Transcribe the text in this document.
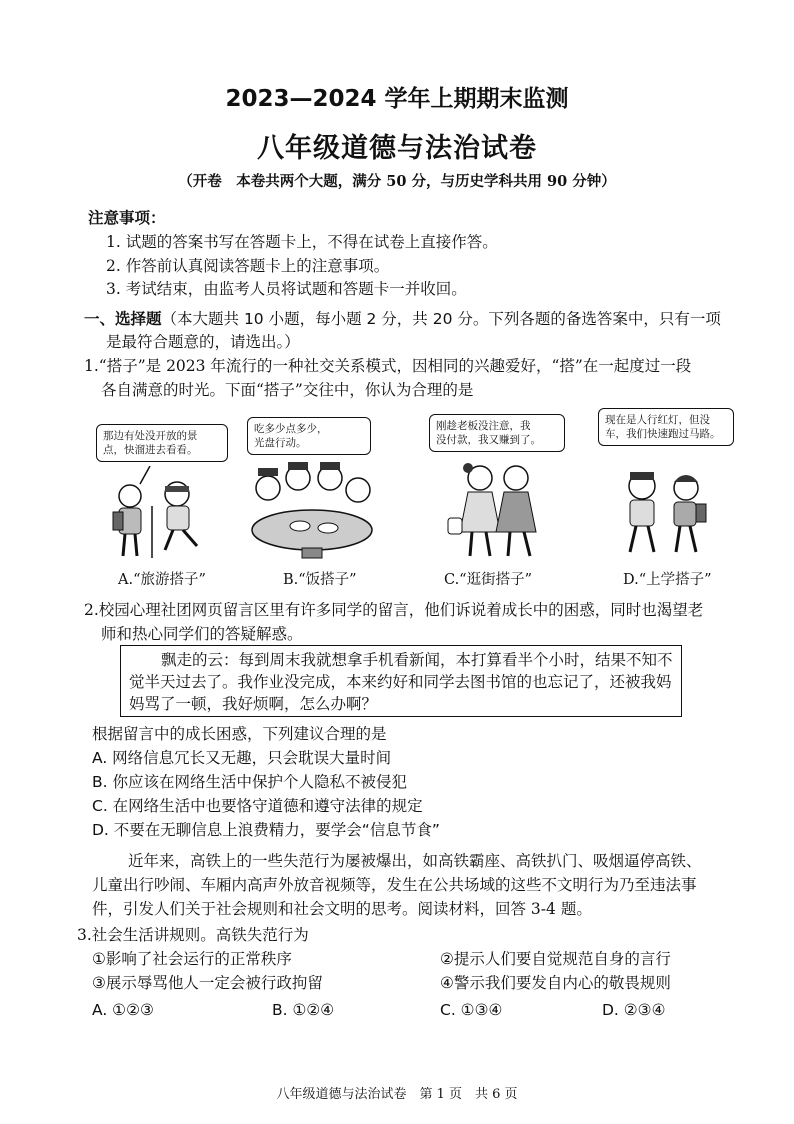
2023—2024 学年上期期末监测
八年级道德与法治试卷
（开卷　本卷共两个大题，满分 50 分，与历史学科共用 90 分钟）
注意事项：
1. 试题的答案书写在答题卡上，不得在试卷上直接作答。
2. 作答前认真阅读答题卡上的注意事项。
3. 考试结束，由监考人员将试题和答题卡一并收回。
一、选择题（本大题共 10 小题，每小题 2 分，共 20 分。下列各题的备选答案中，只有一项
是最符合题意的，请选出。）
1.“搭子”是 2023 年流行的一种社交关系模式，因相同的兴趣爱好，“搭”在一起度过一段
各自满意的时光。下面“搭子”交往中，你认为合理的是
那边有处没开放的景
点，快溜进去看看。
A.“旅游搭子”
吃多少点多少，
光盘行动。
B.“饭搭子”
刚趁老板没注意，我
没付款，我又赚到了。
C.“逛街搭子”
现在是人行红灯，但没
车，我们快速跑过马路。
D.“上学搭子”
2.校园心理社团网页留言区里有许多同学的留言，他们诉说着成长中的困惑，同时也渴望老
师和热心同学们的答疑解惑。
飘走的云：每到周末我就想拿手机看新闻，本打算看半个小时，结果不知不
觉半天过去了。我作业没完成，本来约好和同学去图书馆的也忘记了，还被我妈
妈骂了一顿，我好烦啊，怎么办啊？
根据留言中的成长困惑，下列建议合理的是
A. 网络信息冗长又无趣，只会耽误大量时间
B. 你应该在网络生活中保护个人隐私不被侵犯
C. 在网络生活中也要恪守道德和遵守法律的规定
D. 不要在无聊信息上浪费精力，要学会“信息节食”
近年来，高铁上的一些失范行为屡被爆出，如高铁霸座、高铁扒门、吸烟逼停高铁、
儿童出行吵闹、车厢内高声外放音视频等，发生在公共场域的这些不文明行为乃至违法事
件，引发人们关于社会规则和社会文明的思考。阅读材料，回答 3-4 题。
3.社会生活讲规则。高铁失范行为
①影响了社会运行的正常秩序	②提示人们要自觉规范自身的言行
③展示辱骂他人一定会被行政拘留	④警示我们要发自内心的敬畏规则
A. ①②③	B. ①②④	C. ①③④	D. ②③④
八年级道德与法治试卷　第 1 页　共 6 页
